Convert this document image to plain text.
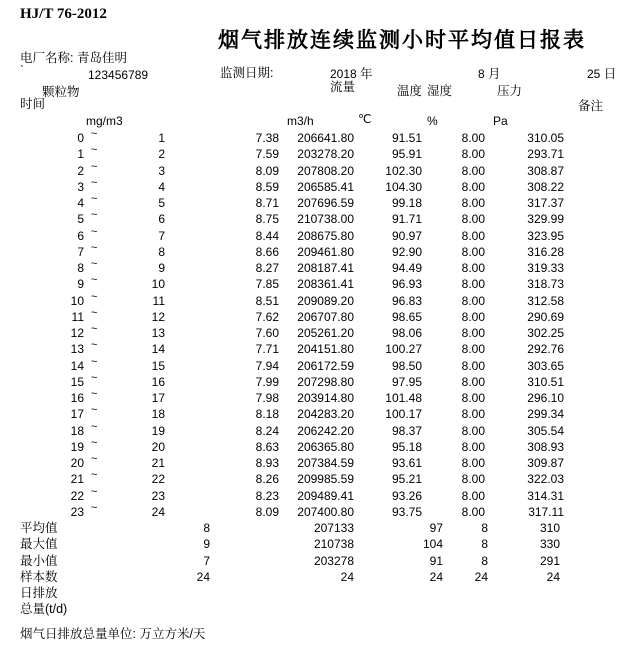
HJ/T 76-2012
烟气排放连续监测小时平均值日报表
电厂名称: 青岛佳明
`	123456789	监测日期:	2018 年	8 月	25 日
颗粒物	流量	温度 湿度	压力
时间	备注
mg/m3	m3/h	℃	%	Pa
0 ~	1	7.38	206641.80	91.51	8.00	310.05
1 ~	2	7.59	203278.20	95.91	8.00	293.71
2 ~	3	8.09	207808.20	102.30	8.00	308.87
3 ~	4	8.59	206585.41	104.30	8.00	308.22
4 ~	5	8.71	207696.59	99.18	8.00	317.37
5 ~	6	8.75	210738.00	91.71	8.00	329.99
6 ~	7	8.44	208675.80	90.97	8.00	323.95
7 ~	8	8.66	209461.80	92.90	8.00	316.28
8 ~	9	8.27	208187.41	94.49	8.00	319.33
9 ~	10	7.85	208361.41	96.93	8.00	318.73
10 ~	11	8.51	209089.20	96.83	8.00	312.58
11 ~	12	7.62	206707.80	98.65	8.00	290.69
12 ~	13	7.60	205261.20	98.06	8.00	302.25
13 ~	14	7.71	204151.80	100.27	8.00	292.76
14 ~	15	7.94	206172.59	98.50	8.00	303.65
15 ~	16	7.99	207298.80	97.95	8.00	310.51
16 ~	17	7.98	203914.80	101.48	8.00	296.10
17 ~	18	8.18	204283.20	100.17	8.00	299.34
18 ~	19	8.24	206242.20	98.37	8.00	305.54
19 ~	20	8.63	206365.80	95.18	8.00	308.93
20 ~	21	8.93	207384.59	93.61	8.00	309.87
21 ~	22	8.26	209985.59	95.21	8.00	322.03
22 ~	23	8.23	209489.41	93.26	8.00	314.31
23 ~	24	8.09	207400.80	93.75	8.00	317.11
平均值	8	207133	97	8	310
最大值	9	210738	104	8	330
最小值	7	203278	91	8	291
样本数	24	24	24	24	24
日排放
总量(t/d)
烟气日排放总量单位: 万立方米/天
